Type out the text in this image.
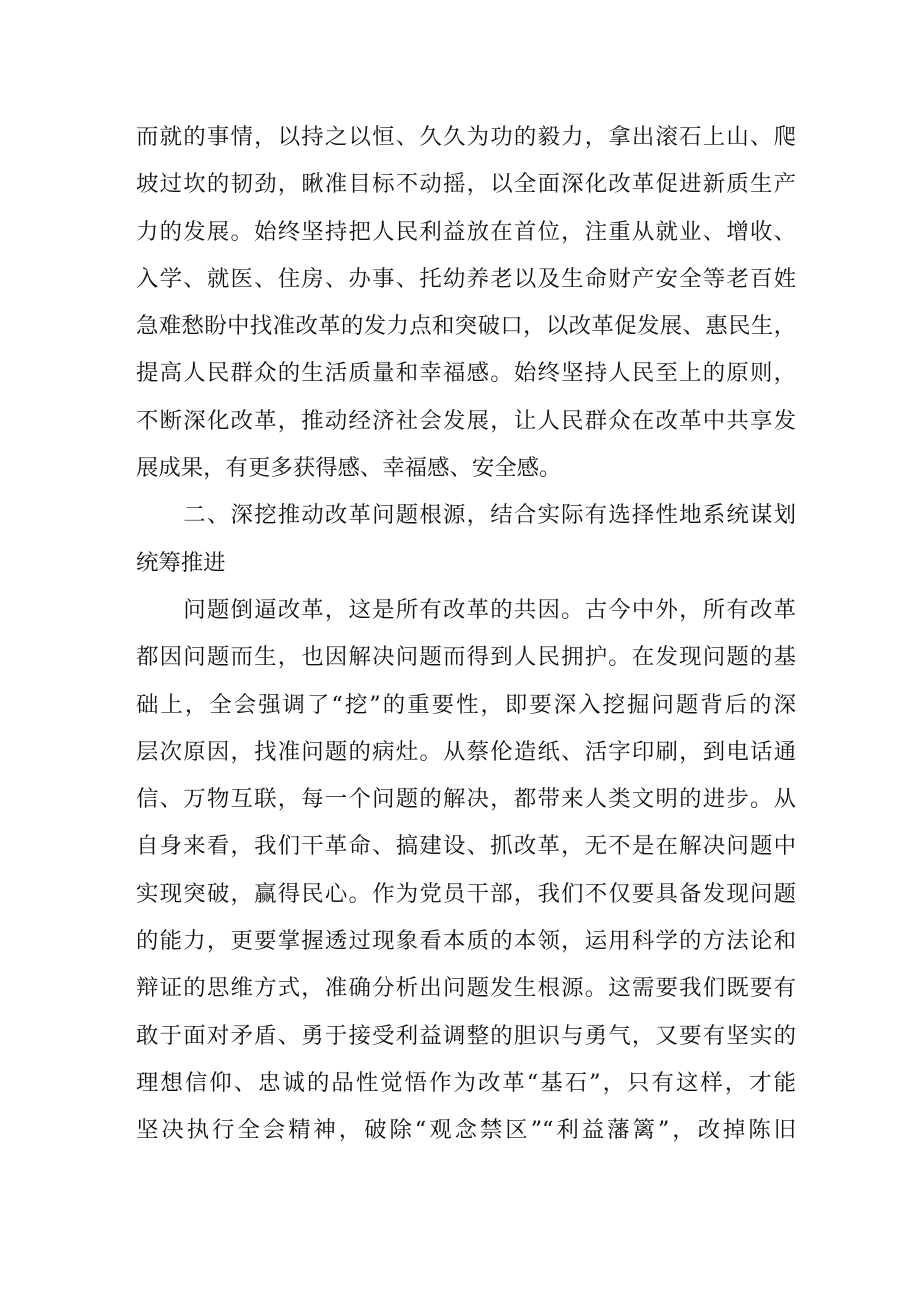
而就的事情，以持之以恒、久久为功的毅力，拿出滚石上山、爬
坡过坎的韧劲，瞅准目标不动摇，以全面深化改革促进新质生产
力的发展。始终坚持把人民利益放在首位，注重从就业、增收、
入学、就医、住房、办事、托幼养老以及生命财产安全等老百姓
急难愁盼中找准改革的发力点和突破口，以改革促发展、惠民生，
提高人民群众的生活质量和幸福感。始终坚持人民至上的原则，
不断深化改革，推动经济社会发展，让人民群众在改革中共享发
展成果，有更多获得感、幸福感、安全感。
　　二、深挖推动改革问题根源，结合实际有选择性地系统谋划
统筹推进
　　问题倒逼改革，这是所有改革的共因。古今中外，所有改革
都因问题而生，也因解决问题而得到人民拥护。在发现问题的基
础上，全会强调了“挖”的重要性，即要深入挖掘问题背后的深
层次原因，找准问题的病灶。从蔡伦造纸、活字印刷，到电话通
信、万物互联，每一个问题的解决，都带来人类文明的进步。从
自身来看，我们干革命、搞建设、抓改革，无不是在解决问题中
实现突破，赢得民心。作为党员干部，我们不仅要具备发现问题
的能力，更要掌握透过现象看本质的本领，运用科学的方法论和
辩证的思维方式，准确分析出问题发生根源。这需要我们既要有
敢于面对矛盾、勇于接受利益调整的胆识与勇气，又要有坚实的
理想信仰、忠诚的品性觉悟作为改革“基石”，只有这样，才能
坚决执行全会精神，破除“观念禁区”“利益藩篱”，改掉陈旧
